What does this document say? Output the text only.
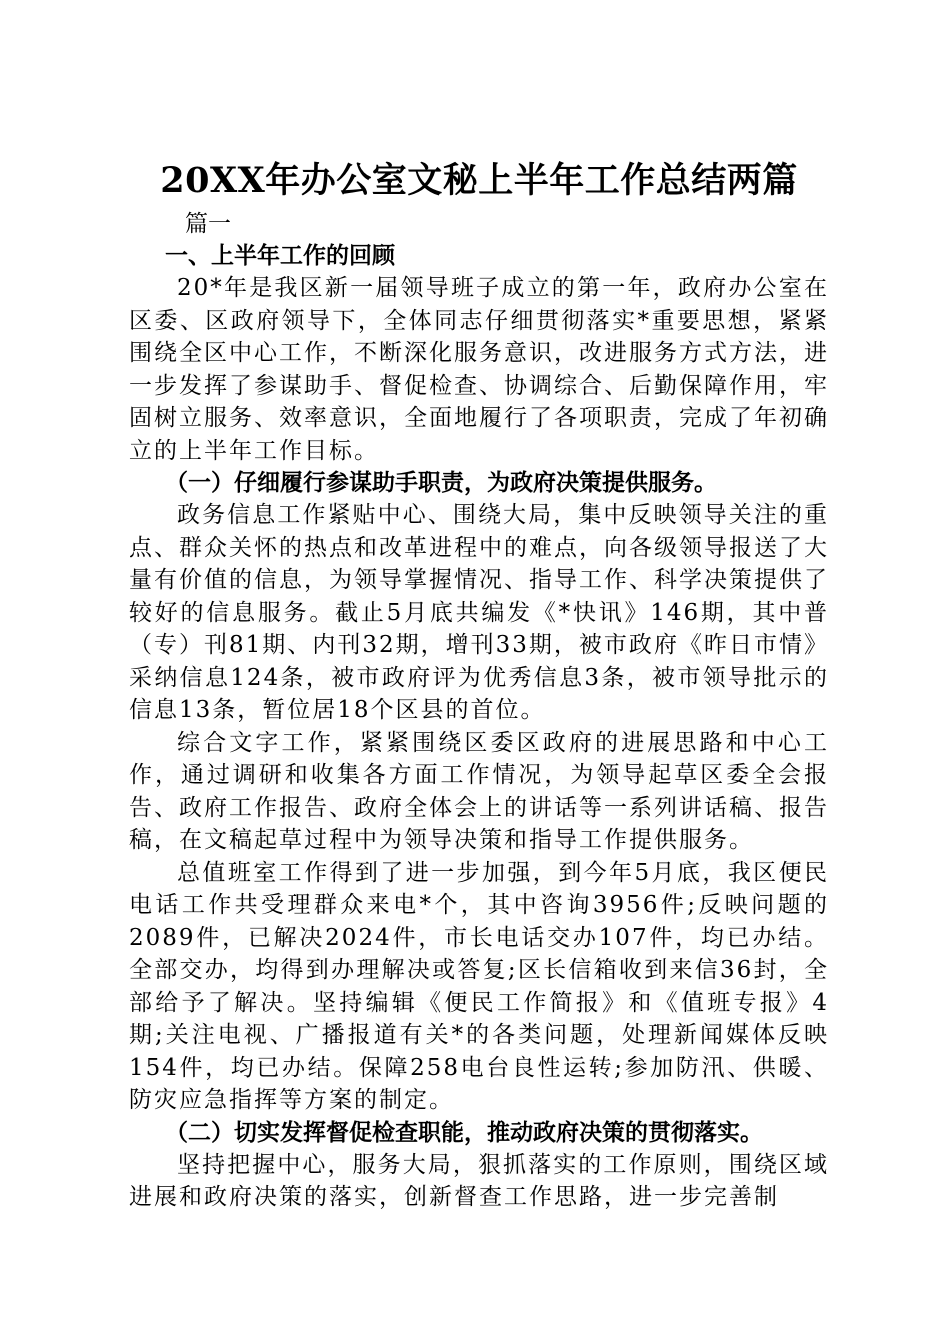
20XX年办公室文秘上半年工作总结两篇

篇一

一、上半年工作的回顾

20*年是我区新一届领导班子成立的第一年，政府办公室在区委、区政府领导下，全体同志仔细贯彻落实*重要思想，紧紧围绕全区中心工作，不断深化服务意识，改进服务方式方法，进一步发挥了参谋助手、督促检查、协调综合、后勤保障作用，牢固树立服务、效率意识，全面地履行了各项职责，完成了年初确立的上半年工作目标。

（一）仔细履行参谋助手职责，为政府决策提供服务。

政务信息工作紧贴中心、围绕大局，集中反映领导关注的重点、群众关怀的热点和改革进程中的难点，向各级领导报送了大量有价值的信息，为领导掌握情况、指导工作、科学决策提供了较好的信息服务。截止5月底共编发《*快讯》146期，其中普（专）刊81期、内刊32期，增刊33期，被市政府《昨日市情》采纳信息124条，被市政府评为优秀信息3条，被市领导批示的信息13条，暂位居18个区县的首位。

综合文字工作，紧紧围绕区委区政府的进展思路和中心工作，通过调研和收集各方面工作情况，为领导起草区委全会报告、政府工作报告、政府全体会上的讲话等一系列讲话稿、报告稿，在文稿起草过程中为领导决策和指导工作提供服务。

总值班室工作得到了进一步加强，到今年5月底，我区便民电话工作共受理群众来电*个，其中咨询3956件;反映问题的2089件，已解决2024件，市长电话交办107件，均已办结。全部交办，均得到办理解决或答复;区长信箱收到来信36封，全部给予了解决。坚持编辑《便民工作简报》和《值班专报》4期;关注电视、广播报道有关*的各类问题，处理新闻媒体反映154件，均已办结。保障258电台良性运转;参加防汛、供暖、防灾应急指挥等方案的制定。

（二）切实发挥督促检查职能，推动政府决策的贯彻落实。

坚持把握中心，服务大局，狠抓落实的工作原则，围绕区域进展和政府决策的落实，创新督查工作思路，进一步完善制
